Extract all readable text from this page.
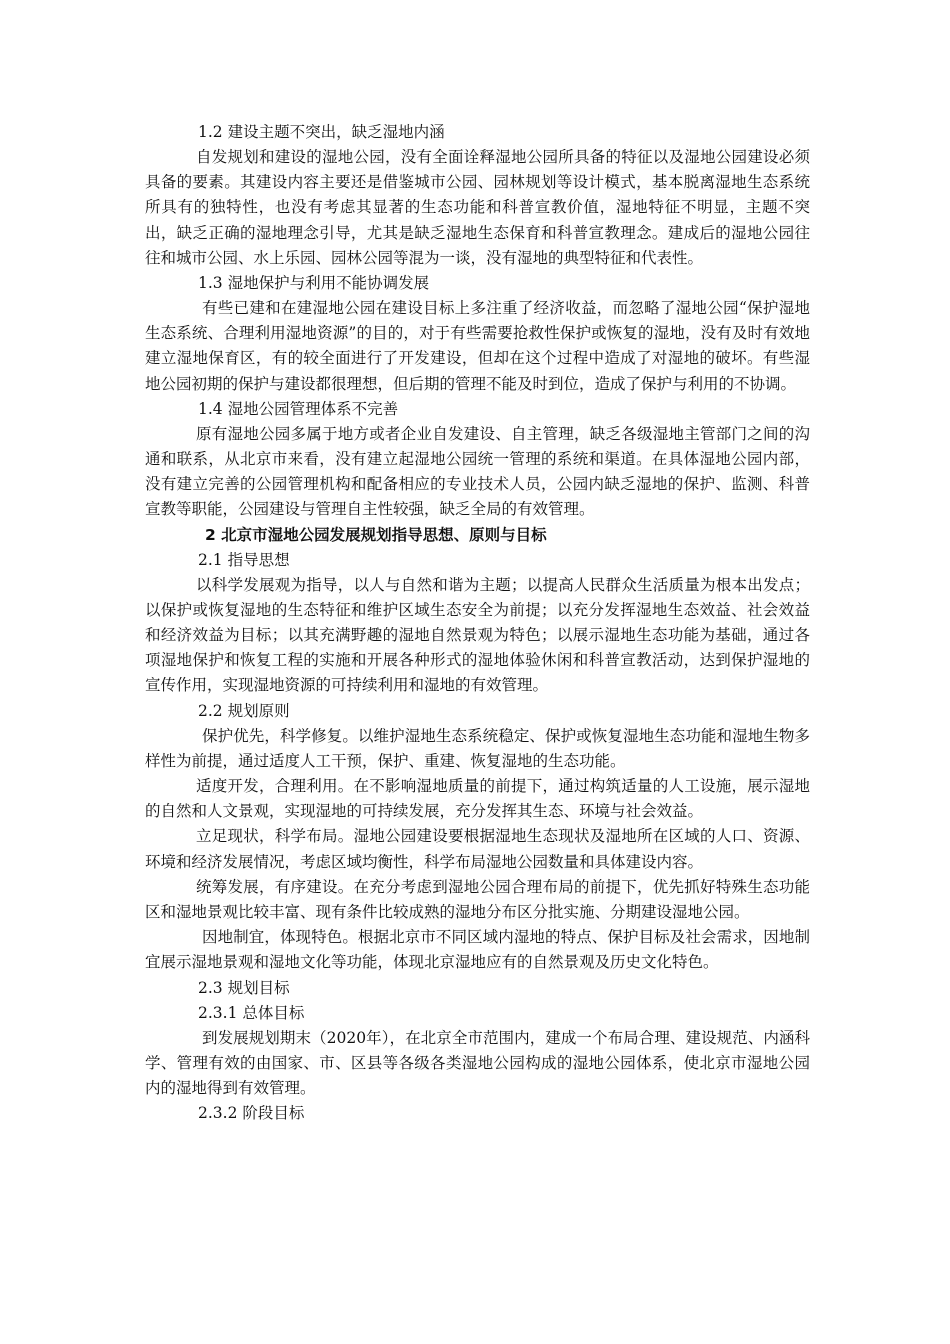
1.2 建设主题不突出，缺乏湿地内涵

自发规划和建设的湿地公园，没有全面诠释湿地公园所具备的特征以及湿地公园建设必须具备的要素。其建设内容主要还是借鉴城市公园、园林规划等设计模式，基本脱离湿地生态系统所具有的独特性，也没有考虑其显著的生态功能和科普宣教价值，湿地特征不明显，主题不突出，缺乏正确的湿地理念引导，尤其是缺乏湿地生态保育和科普宣教理念。建成后的湿地公园往往和城市公园、水上乐园、园林公园等混为一谈，没有湿地的典型特征和代表性。

1.3 湿地保护与利用不能协调发展

有些已建和在建湿地公园在建设目标上多注重了经济收益，而忽略了湿地公园“保护湿地生态系统、合理利用湿地资源”的目的，对于有些需要抢救性保护或恢复的湿地，没有及时有效地建立湿地保育区，有的较全面进行了开发建设，但却在这个过程中造成了对湿地的破坏。有些湿地公园初期的保护与建设都很理想，但后期的管理不能及时到位，造成了保护与利用的不协调。

1.4 湿地公园管理体系不完善

原有湿地公园多属于地方或者企业自发建设、自主管理，缺乏各级湿地主管部门之间的沟通和联系，从北京市来看，没有建立起湿地公园统一管理的系统和渠道。在具体湿地公园内部，没有建立完善的公园管理机构和配备相应的专业技术人员，公园内缺乏湿地的保护、监测、科普宣教等职能，公园建设与管理自主性较强，缺乏全局的有效管理。

2 北京市湿地公园发展规划指导思想、原则与目标
2.1 指导思想

以科学发展观为指导，以人与自然和谐为主题；以提高人民群众生活质量为根本出发点；以保护或恢复湿地的生态特征和维护区域生态安全为前提；以充分发挥湿地生态效益、社会效益和经济效益为目标；以其充满野趣的湿地自然景观为特色；以展示湿地生态功能为基础，通过各项湿地保护和恢复工程的实施和开展各种形式的湿地体验休闲和科普宣教活动，达到保护湿地的宣传作用，实现湿地资源的可持续利用和湿地的有效管理。

2.2 规划原则

保护优先，科学修复。以维护湿地生态系统稳定、保护或恢复湿地生态功能和湿地生物多样性为前提，通过适度人工干预，保护、重建、恢复湿地的生态功能。

适度开发，合理利用。在不影响湿地质量的前提下，通过构筑适量的人工设施，展示湿地的自然和人文景观，实现湿地的可持续发展，充分发挥其生态、环境与社会效益。

立足现状，科学布局。湿地公园建设要根据湿地生态现状及湿地所在区域的人口、资源、环境和经济发展情况，考虑区域均衡性，科学布局湿地公园数量和具体建设内容。

统筹发展，有序建设。在充分考虑到湿地公园合理布局的前提下，优先抓好特殊生态功能区和湿地景观比较丰富、现有条件比较成熟的湿地分布区分批实施、分期建设湿地公园。

因地制宜，体现特色。根据北京市不同区域内湿地的特点、保护目标及社会需求，因地制宜展示湿地景观和湿地文化等功能，体现北京湿地应有的自然景观及历史文化特色。

2.3 规划目标
2.3.1 总体目标

到发展规划期末（2020年），在北京全市范围内，建成一个布局合理、建设规范、内涵科学、管理有效的由国家、市、区县等各级各类湿地公园构成的湿地公园体系，使北京市湿地公园内的湿地得到有效管理。

2.3.2 阶段目标
